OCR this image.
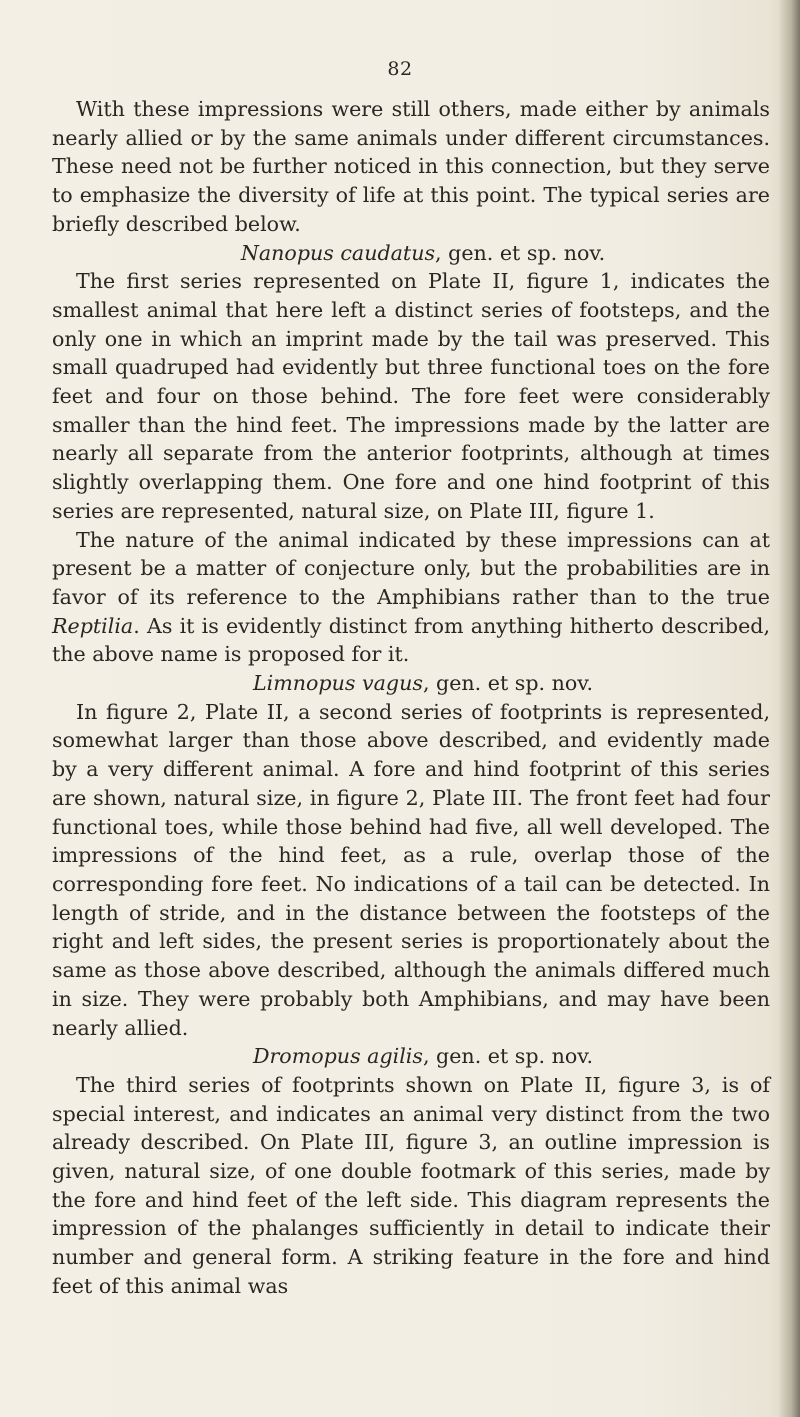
82

With these impressions were still others, made either by animals nearly allied or by the same animals under different circumstances. These need not be further noticed in this connection, but they serve to emphasize the diversity of life at this point. The typical series are briefly described below.

Nanopus caudatus, gen. et sp. nov.

The first series represented on Plate II, figure 1, indicates the smallest animal that here left a distinct series of footsteps, and the only one in which an imprint made by the tail was preserved. This small quadruped had evidently but three functional toes on the fore feet and four on those behind. The fore feet were considerably smaller than the hind feet. The impressions made by the latter are nearly all separate from the anterior footprints, although at times slightly overlapping them. One fore and one hind footprint of this series are represented, natural size, on Plate III, figure 1.

The nature of the animal indicated by these impressions can at present be a matter of conjecture only, but the probabilities are in favor of its reference to the Amphibians rather than to the true Reptilia. As it is evidently distinct from anything hitherto described, the above name is proposed for it.

Limnopus vagus, gen. et sp. nov.

In figure 2, Plate II, a second series of footprints is represented, somewhat larger than those above described, and evidently made by a very different animal. A fore and hind footprint of this series are shown, natural size, in figure 2, Plate III. The front feet had four functional toes, while those behind had five, all well developed. The impressions of the hind feet, as a rule, overlap those of the corresponding fore feet. No indications of a tail can be detected. In length of stride, and in the distance between the footsteps of the right and left sides, the present series is proportionately about the same as those above described, although the animals differed much in size. They were probably both Amphibians, and may have been nearly allied.

Dromopus agilis, gen. et sp. nov.

The third series of footprints shown on Plate II, figure 3, is of special interest, and indicates an animal very distinct from the two already described. On Plate III, figure 3, an outline impression is given, natural size, of one double footmark of this series, made by the fore and hind feet of the left side. This diagram represents the impression of the phalanges sufficiently in detail to indicate their number and general form. A striking feature in the fore and hind feet of this animal was
